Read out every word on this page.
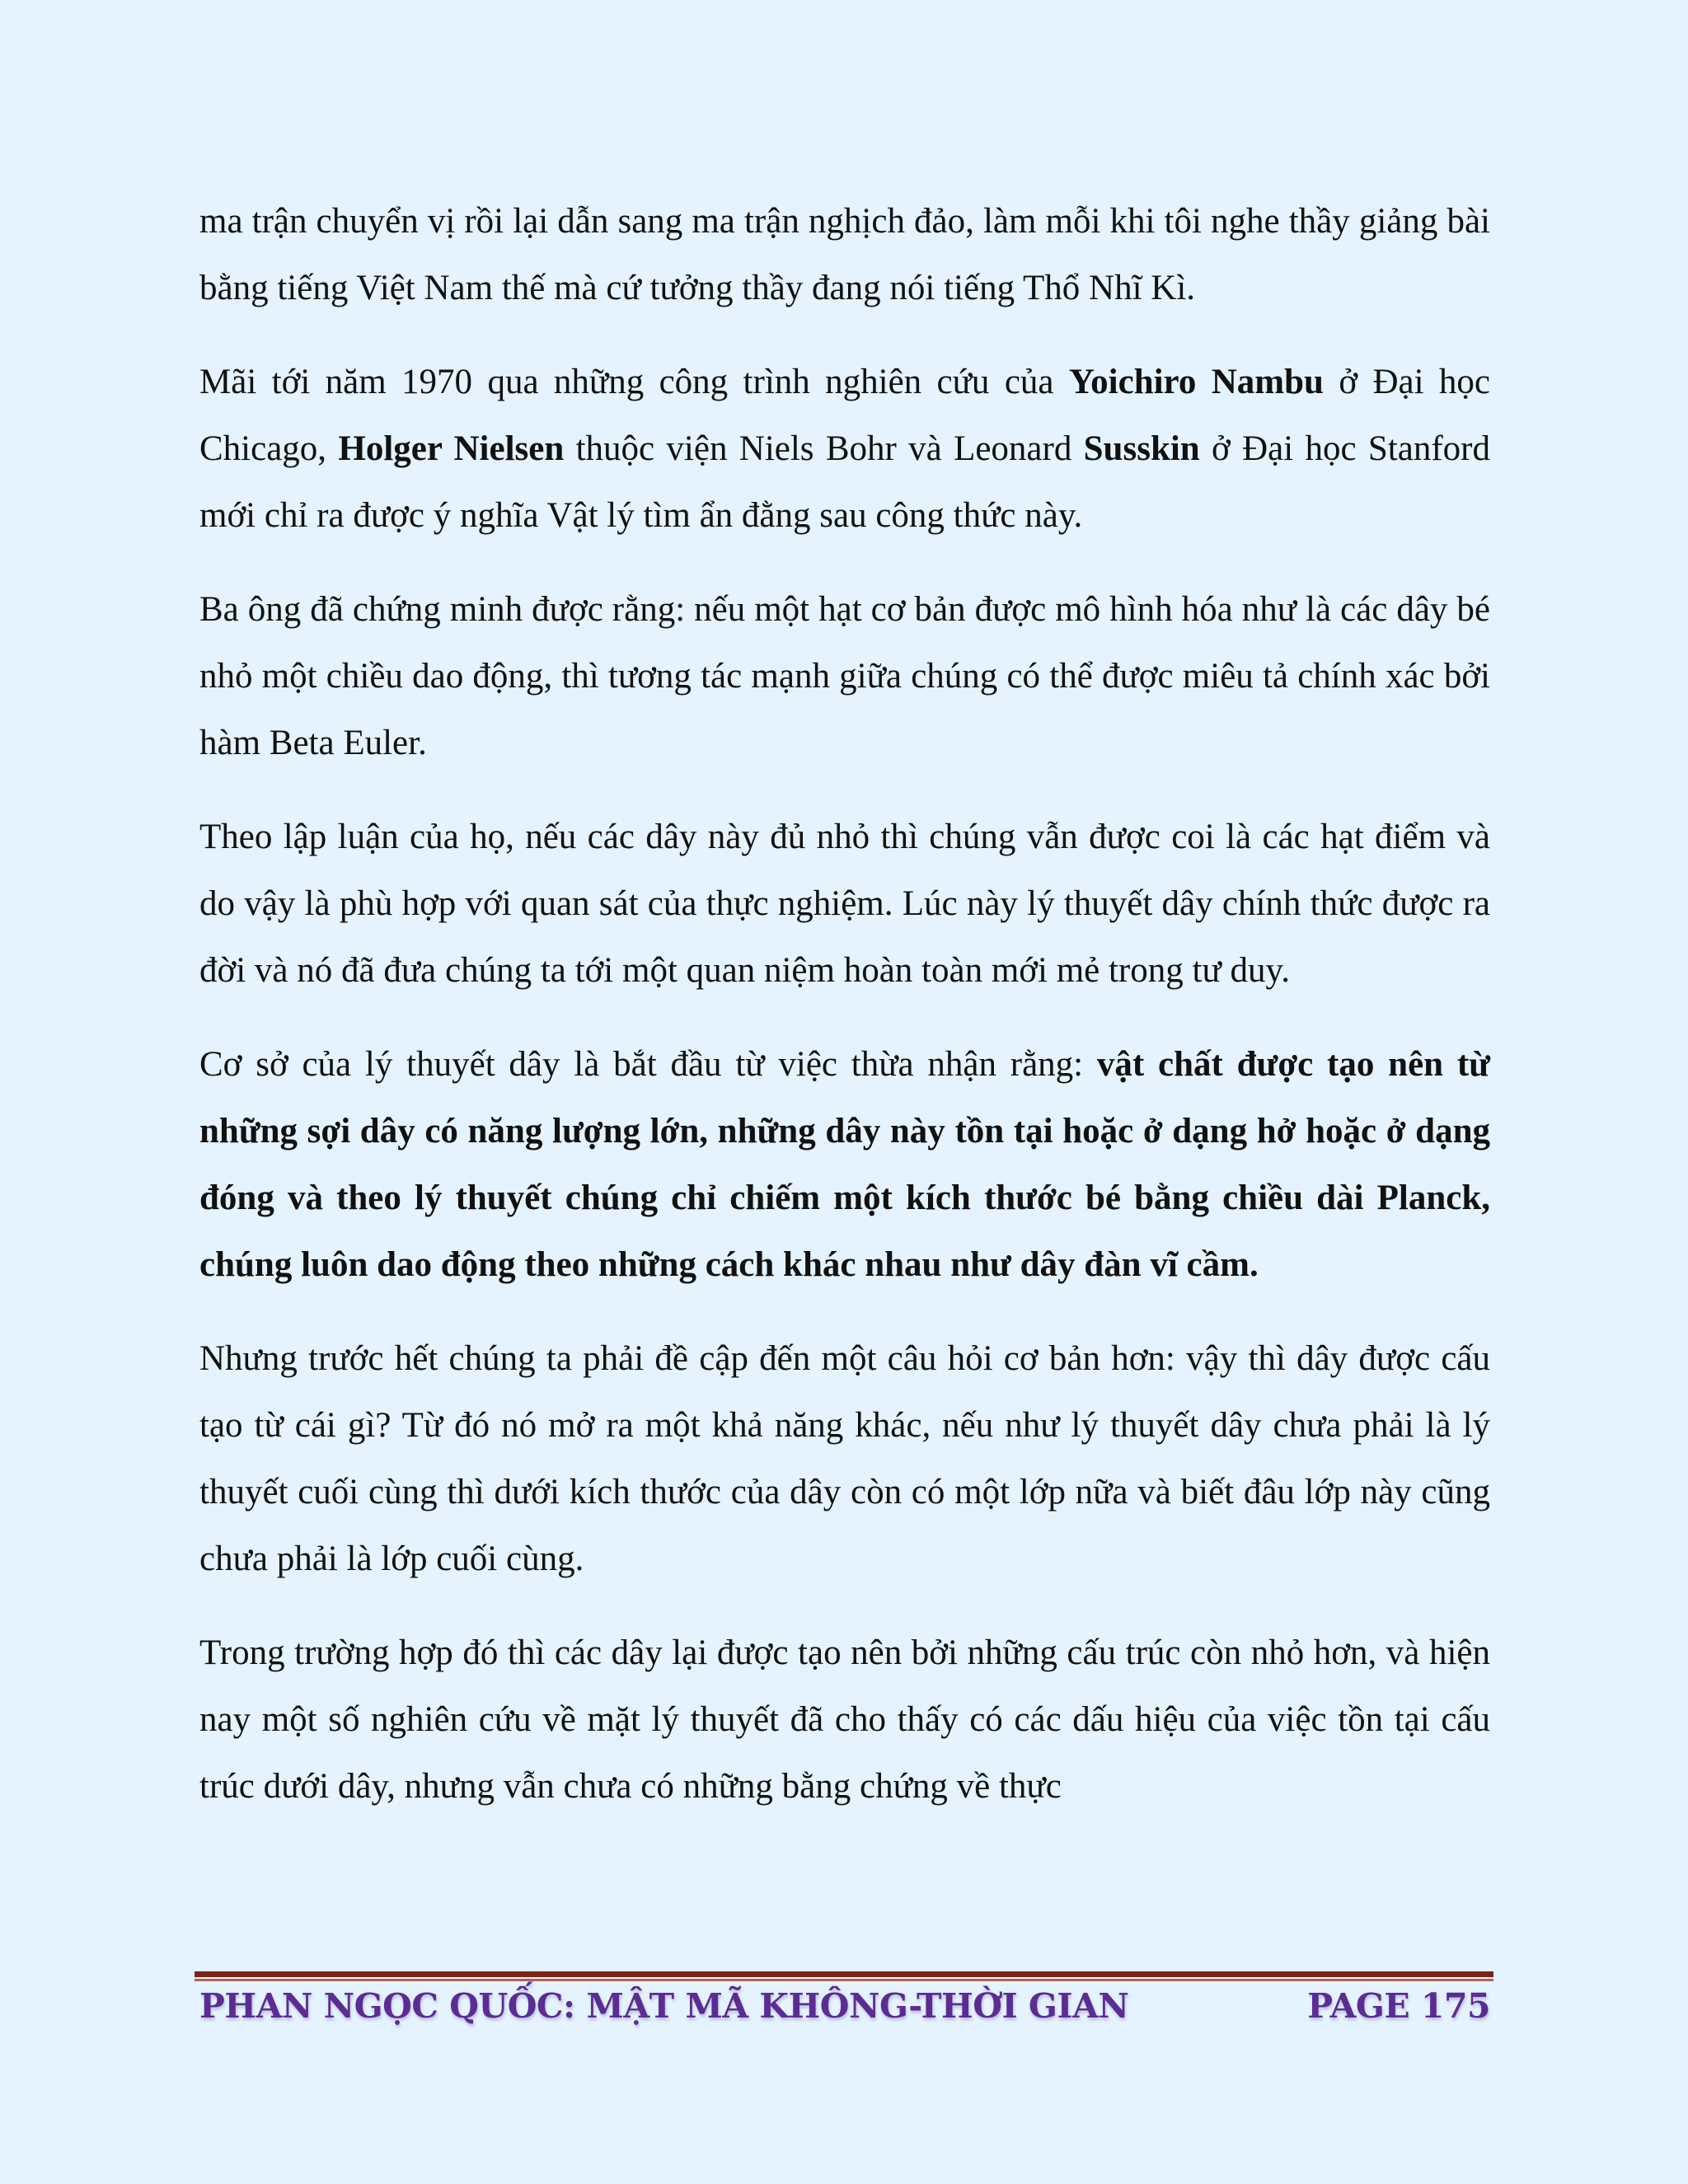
ma trận chuyển vị rồi lại dẫn sang ma trận nghịch đảo, làm mỗi khi tôi nghe thầy giảng bài bằng tiếng Việt Nam thế mà cứ tưởng thầy đang nói tiếng Thổ Nhĩ Kì.

Mãi tới năm 1970 qua những công trình nghiên cứu của Yoichiro Nambu ở Đại học Chicago, Holger Nielsen thuộc viện Niels Bohr và Leonard Susskin ở Đại học Stanford mới chỉ ra được ý nghĩa Vật lý tìm ẩn đằng sau công thức này.

Ba ông đã chứng minh được rằng: nếu một hạt cơ bản được mô hình hóa như là các dây bé nhỏ một chiều dao động, thì tương tác mạnh giữa chúng có thể được miêu tả chính xác bởi hàm Beta Euler.

Theo lập luận của họ, nếu các dây này đủ nhỏ thì chúng vẫn được coi là các hạt điểm và do vậy là phù hợp với quan sát của thực nghiệm. Lúc này lý thuyết dây chính thức được ra đời và nó đã đưa chúng ta tới một quan niệm hoàn toàn mới mẻ trong tư duy.

Cơ sở của lý thuyết dây là bắt đầu từ việc thừa nhận rằng: vật chất được tạo nên từ những sợi dây có năng lượng lớn, những dây này tồn tại hoặc ở dạng hở hoặc ở dạng đóng và theo lý thuyết chúng chỉ chiếm một kích thước bé bằng chiều dài Planck, chúng luôn dao động theo những cách khác nhau như dây đàn vĩ cầm.

Nhưng trước hết chúng ta phải đề cập đến một câu hỏi cơ bản hơn: vậy thì dây được cấu tạo từ cái gì? Từ đó nó mở ra một khả năng khác, nếu như lý thuyết dây chưa phải là lý thuyết cuối cùng thì dưới kích thước của dây còn có một lớp nữa và biết đâu lớp này cũng chưa phải là lớp cuối cùng.

Trong trường hợp đó thì các dây lại được tạo nên bởi những cấu trúc còn nhỏ hơn, và hiện nay một số nghiên cứu về mặt lý thuyết đã cho thấy có các dấu hiệu của việc tồn tại cấu trúc dưới dây, nhưng vẫn chưa có những bằng chứng về thực

PHAN NGỌC QUỐC: MẬT MÃ KHÔNG-THỜI GIAN	PAGE 175
